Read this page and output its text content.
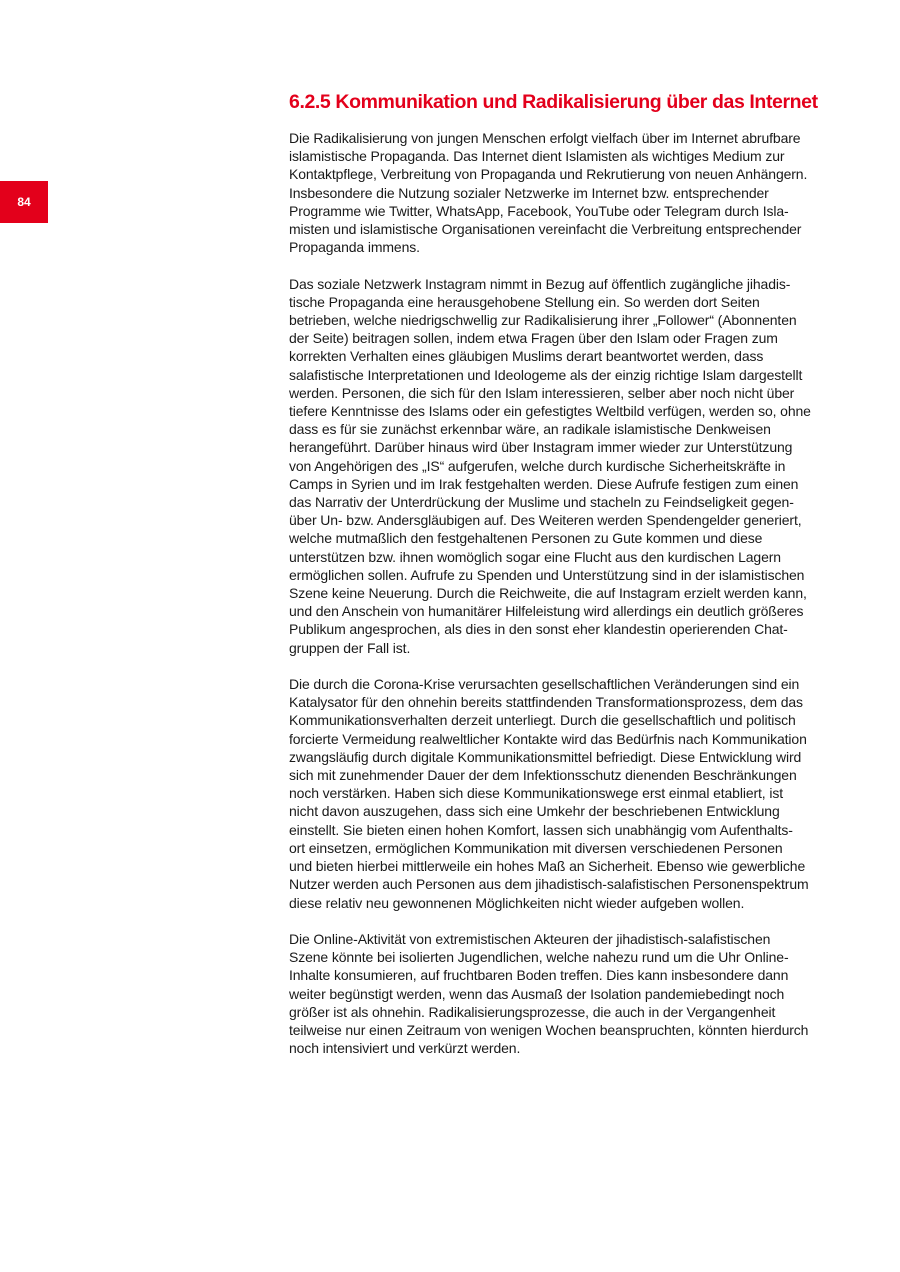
84
6.2.5 Kommunikation und Radikalisierung über das Internet

Die Radikalisierung von jungen Menschen erfolgt vielfach über im Internet abrufbare
islamistische Propaganda. Das Internet dient Islamisten als wichtiges Medium zur
Kontaktpflege, Verbreitung von Propaganda und Rekrutierung von neuen Anhängern.
Insbesondere die Nutzung sozialer Netzwerke im Internet bzw. entsprechender
Programme wie Twitter, WhatsApp, Facebook, YouTube oder Telegram durch Isla-
misten und islamistische Organisationen vereinfacht die Verbreitung entsprechender
Propaganda immens.

Das soziale Netzwerk Instagram nimmt in Bezug auf öffentlich zugängliche jihadis-
tische Propaganda eine herausgehobene Stellung ein. So werden dort Seiten
betrieben, welche niedrigschwellig zur Radikalisierung ihrer „Follower“ (Abonnenten
der Seite) beitragen sollen, indem etwa Fragen über den Islam oder Fragen zum
korrekten Verhalten eines gläubigen Muslims derart beantwortet werden, dass
salafistische Interpretationen und Ideologeme als der einzig richtige Islam dargestellt
werden. Personen, die sich für den Islam interessieren, selber aber noch nicht über
tiefere Kenntnisse des Islams oder ein gefestigtes Weltbild verfügen, werden so, ohne
dass es für sie zunächst erkennbar wäre, an radikale islamistische Denkweisen
herangeführt. Darüber hinaus wird über Instagram immer wieder zur Unterstützung
von Angehörigen des „IS“ aufgerufen, welche durch kurdische Sicherheitskräfte in
Camps in Syrien und im Irak festgehalten werden. Diese Aufrufe festigen zum einen
das Narrativ der Unterdrückung der Muslime und stacheln zu Feindseligkeit gegen-
über Un- bzw. Andersgläubigen auf. Des Weiteren werden Spendengelder generiert,
welche mutmaßlich den festgehaltenen Personen zu Gute kommen und diese
unterstützen bzw. ihnen womöglich sogar eine Flucht aus den kurdischen Lagern
ermöglichen sollen. Aufrufe zu Spenden und Unterstützung sind in der islamistischen
Szene keine Neuerung. Durch die Reichweite, die auf Instagram erzielt werden kann,
und den Anschein von humanitärer Hilfeleistung wird allerdings ein deutlich größeres
Publikum angesprochen, als dies in den sonst eher klandestin operierenden Chat-
gruppen der Fall ist.

Die durch die Corona-Krise verursachten gesellschaftlichen Veränderungen sind ein
Katalysator für den ohnehin bereits stattfindenden Transformationsprozess, dem das
Kommunikationsverhalten derzeit unterliegt. Durch die gesellschaftlich und politisch
forcierte Vermeidung realweltlicher Kontakte wird das Bedürfnis nach Kommunikation
zwangsläufig durch digitale Kommunikationsmittel befriedigt. Diese Entwicklung wird
sich mit zunehmender Dauer der dem Infektionsschutz dienenden Beschränkungen
noch verstärken. Haben sich diese Kommunikationswege erst einmal etabliert, ist
nicht davon auszugehen, dass sich eine Umkehr der beschriebenen Entwicklung
einstellt. Sie bieten einen hohen Komfort, lassen sich unabhängig vom Aufenthalts-
ort einsetzen, ermöglichen Kommunikation mit diversen verschiedenen Personen
und bieten hierbei mittlerweile ein hohes Maß an Sicherheit. Ebenso wie gewerbliche
Nutzer werden auch Personen aus dem jihadistisch-salafistischen Personenspektrum
diese relativ neu gewonnenen Möglichkeiten nicht wieder aufgeben wollen.

Die Online-Aktivität von extremistischen Akteuren der jihadistisch-salafistischen
Szene könnte bei isolierten Jugendlichen, welche nahezu rund um die Uhr Online-
Inhalte konsumieren, auf fruchtbaren Boden treffen. Dies kann insbesondere dann
weiter begünstigt werden, wenn das Ausmaß der Isolation pandemiebedingt noch
größer ist als ohnehin. Radikalisierungsprozesse, die auch in der Vergangenheit
teilweise nur einen Zeitraum von wenigen Wochen beanspruchten, könnten hierdurch
noch intensiviert und verkürzt werden.
